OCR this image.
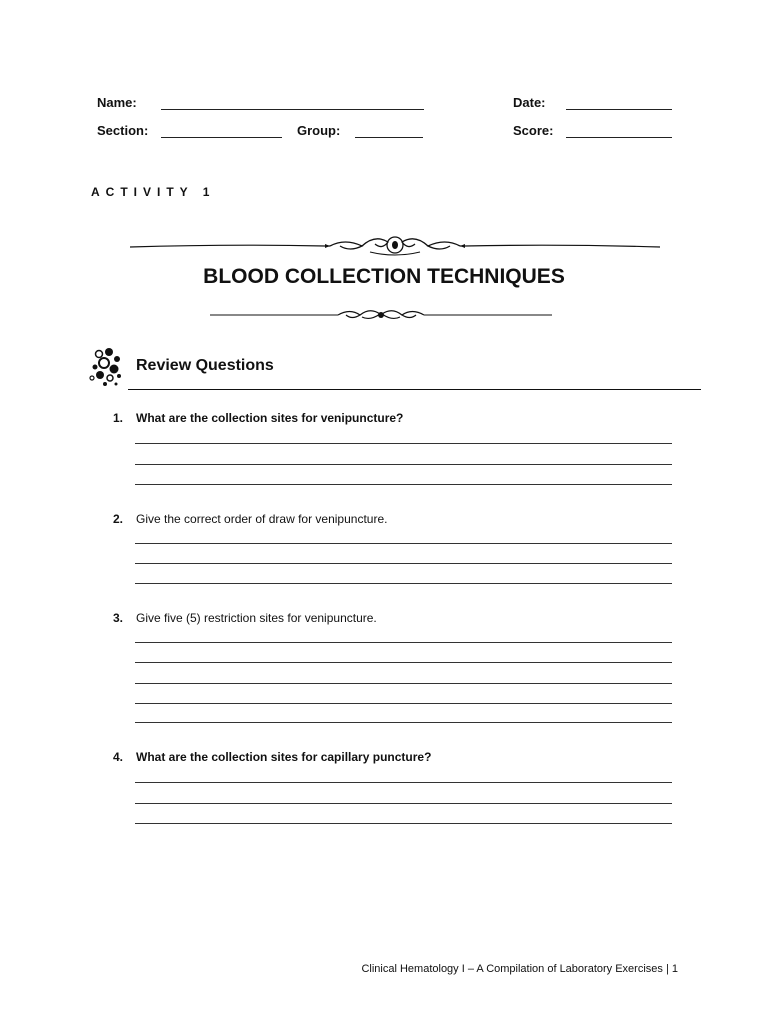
Name:	Date:
Section:	Group:	Score:
ACTIVITY 1
BLOOD COLLECTION TECHNIQUES
Review Questions
1. What are the collection sites for venipuncture?
2. Give the correct order of draw for venipuncture.
3. Give five (5) restriction sites for venipuncture.
4. What are the collection sites for capillary puncture?
Clinical Hematology I – A Compilation of Laboratory Exercises | 1
